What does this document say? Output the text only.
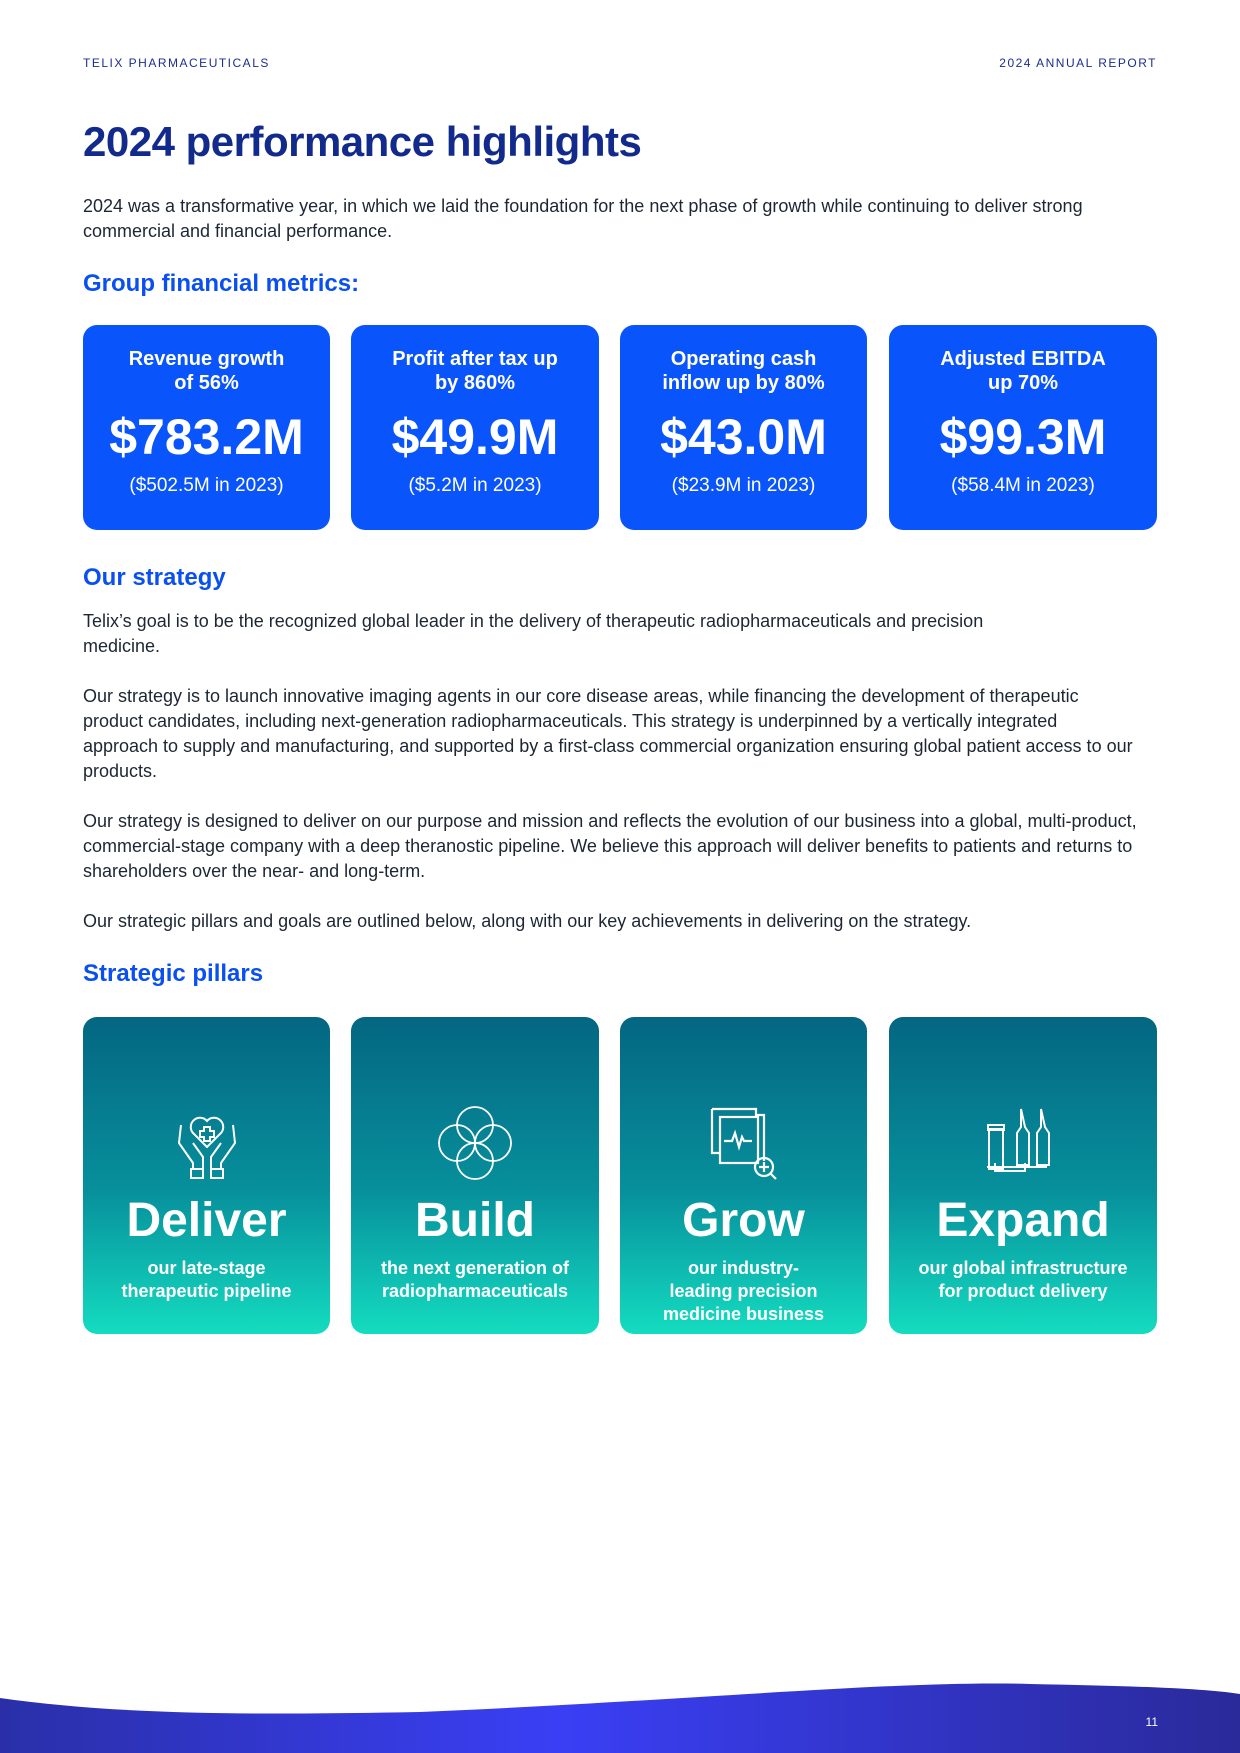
TELIX PHARMACEUTICALS	2024 ANNUAL REPORT
2024 performance highlights
2024 was a transformative year, in which we laid the foundation for the next phase of growth while continuing to deliver strong commercial and financial performance.
Group financial metrics:
Revenue growth of 56%
$783.2M
($502.5M in 2023)
Profit after tax up by 860%
$49.9M
($5.2M in 2023)
Operating cash inflow up by 80%
$43.0M
($23.9M in 2023)
Adjusted EBITDA up 70%
$99.3M
($58.4M in 2023)
Our strategy
Telix’s goal is to be the recognized global leader in the delivery of therapeutic radiopharmaceuticals and precision medicine.
Our strategy is to launch innovative imaging agents in our core disease areas, while financing the development of therapeutic product candidates, including next-generation radiopharmaceuticals. This strategy is underpinned by a vertically integrated approach to supply and manufacturing, and supported by a first-class commercial organization ensuring global patient access to our products.
Our strategy is designed to deliver on our purpose and mission and reflects the evolution of our business into a global, multi-product, commercial-stage company with a deep theranostic pipeline. We believe this approach will deliver benefits to patients and returns to shareholders over the near- and long-term.
Our strategic pillars and goals are outlined below, along with our key achievements in delivering on the strategy.
Strategic pillars
Deliver
our late-stage therapeutic pipeline
Build
the next generation of radiopharmaceuticals
Grow
our industry-leading precision medicine business
Expand
our global infrastructure for product delivery
11
